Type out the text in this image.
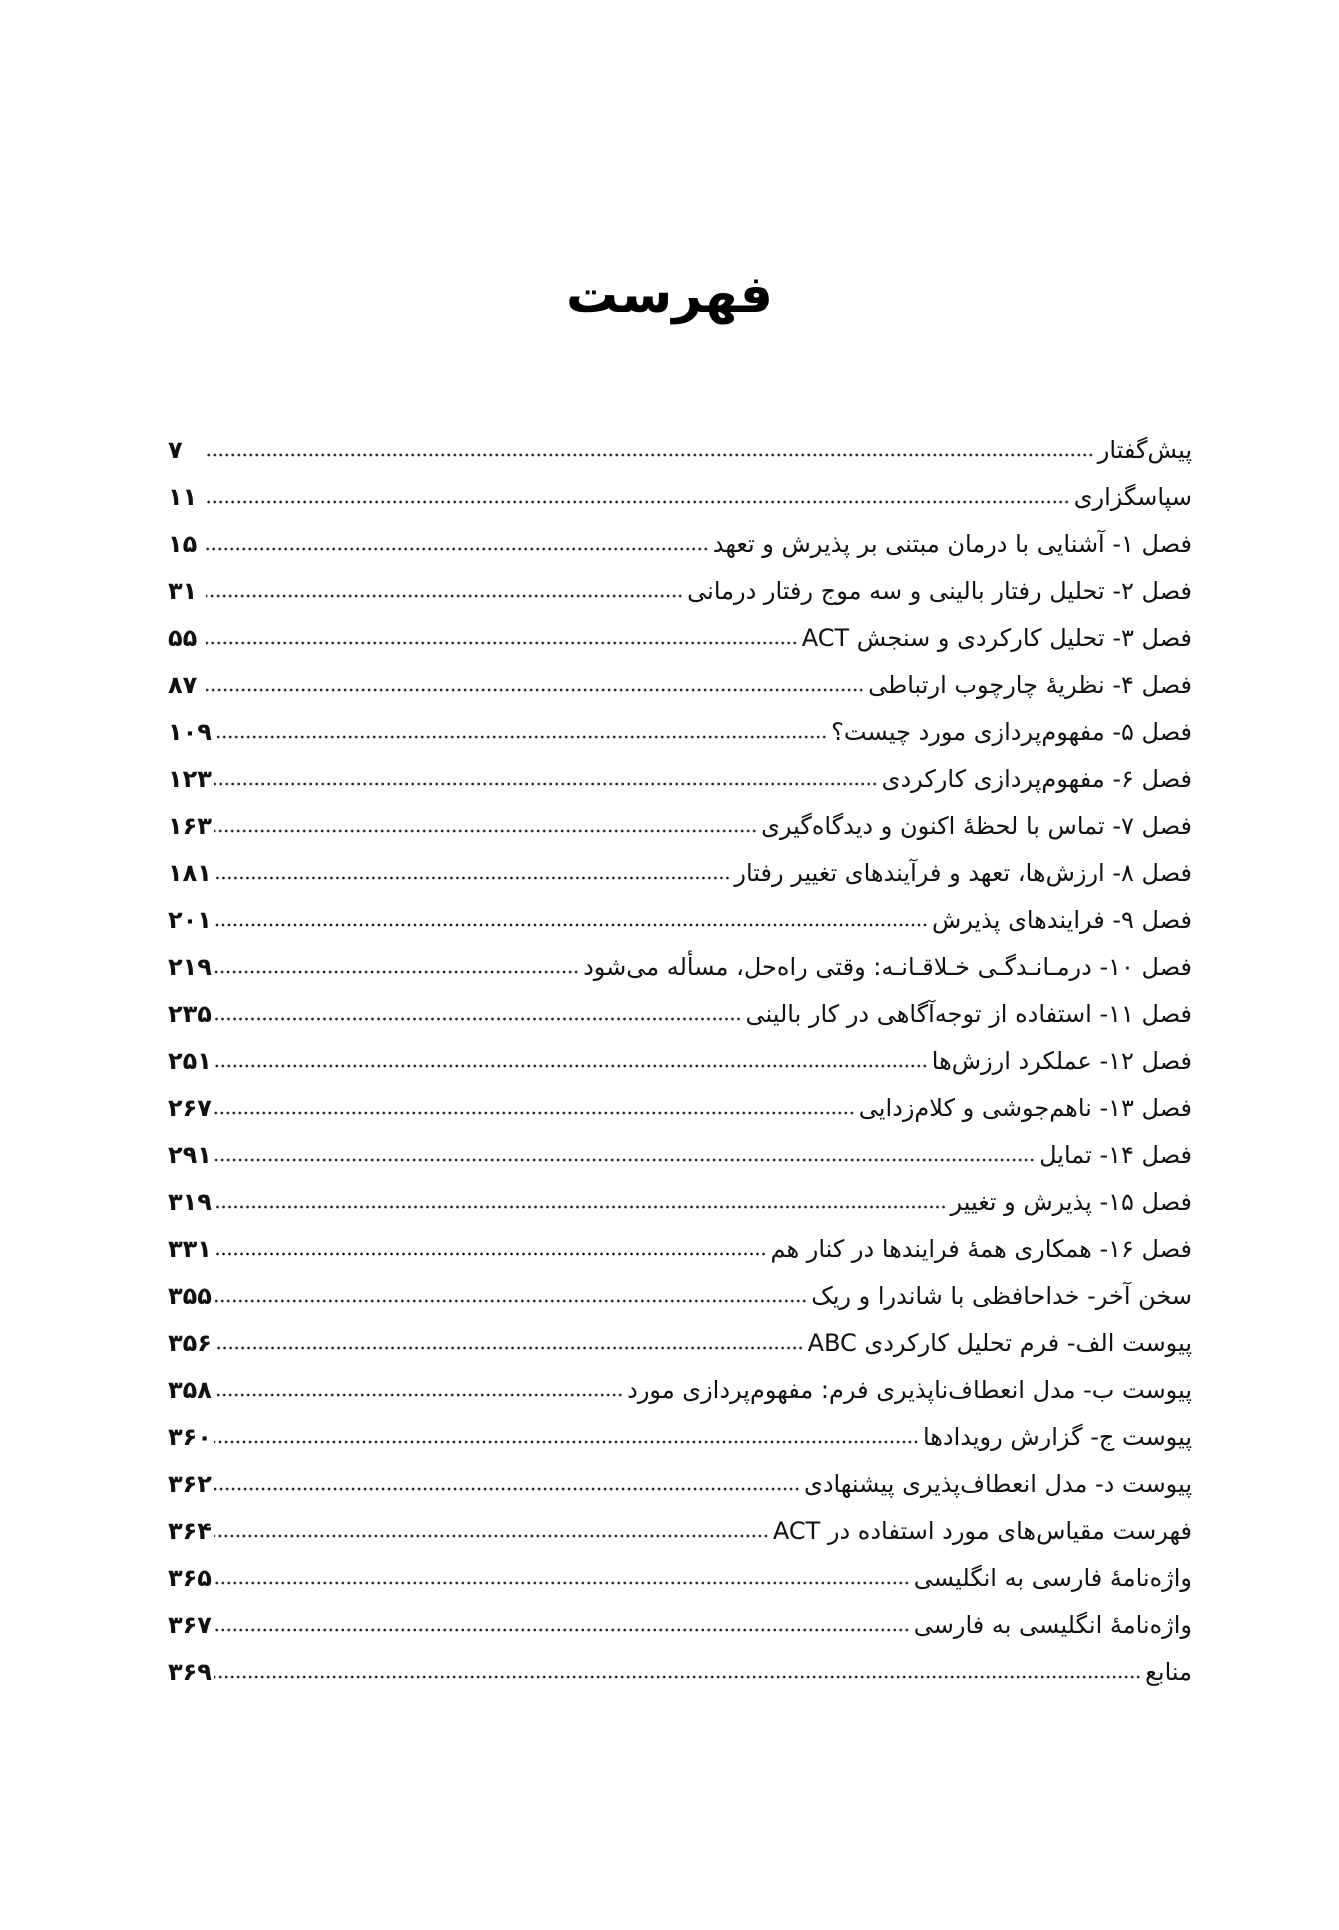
فهرست
پیش‌گفتار
۷
سپاسگزاری
۱۱
فصل ۱- آشنایی با درمان مبتنی بر پذیرش و تعهد
۱۵
فصل ۲- تحلیل رفتار بالینی و سه موج رفتار درمانی
۳۱
فصل ۳- تحلیل کارکردی و سنجش ACT
۵۵
فصل ۴- نظریهٔ چارچوب ارتباطی
۸۷
فصل ۵- مفهوم‌پردازی مورد چیست؟
۱۰۹
فصل ۶- مفهوم‌پردازی کارکردی
۱۲۳
فصل ۷- تماس با لحظهٔ اکنون و دیدگاه‌گیری
۱۶۳
فصل ۸- ارزش‌ها، تعهد و فرآیندهای تغییر رفتار
۱۸۱
فصل ۹- فرایندهای پذیرش
۲۰۱
فصل ۱۰- درمـانـدگـی خـلاقـانـه: وقتی راه‌حل، مسأله می‌شود
۲۱۹
فصل ۱۱- استفاده از توجه‌آگاهی در کار بالینی
۲۳۵
فصل ۱۲- عملکرد ارزش‌ها
۲۵۱
فصل ۱۳- ناهم‌جوشی و کلام‌زدایی
۲۶۷
فصل ۱۴- تمایل
۲۹۱
فصل ۱۵- پذیرش و تغییر
۳۱۹
فصل ۱۶- همکاری همهٔ فرایندها در کنار هم
۳۳۱
سخن آخر- خداحافظی با شاندرا و ریک
۳۵۵
پیوست الف- فرم تحلیل کارکردی ABC
۳۵۶
پیوست ب- مدل انعطاف‌ناپذیری فرم: مفهوم‌پردازی مورد
۳۵۸
پیوست ج- گزارش رویدادها
۳۶۰
پیوست د- مدل انعطاف‌پذیری پیشنهادی
۳۶۲
فهرست مقیاس‌های مورد استفاده در ACT
۳۶۴
واژه‌نامهٔ فارسی به انگلیسی
۳۶۵
واژه‌نامهٔ انگلیسی به فارسی
۳۶۷
منابع
۳۶۹
